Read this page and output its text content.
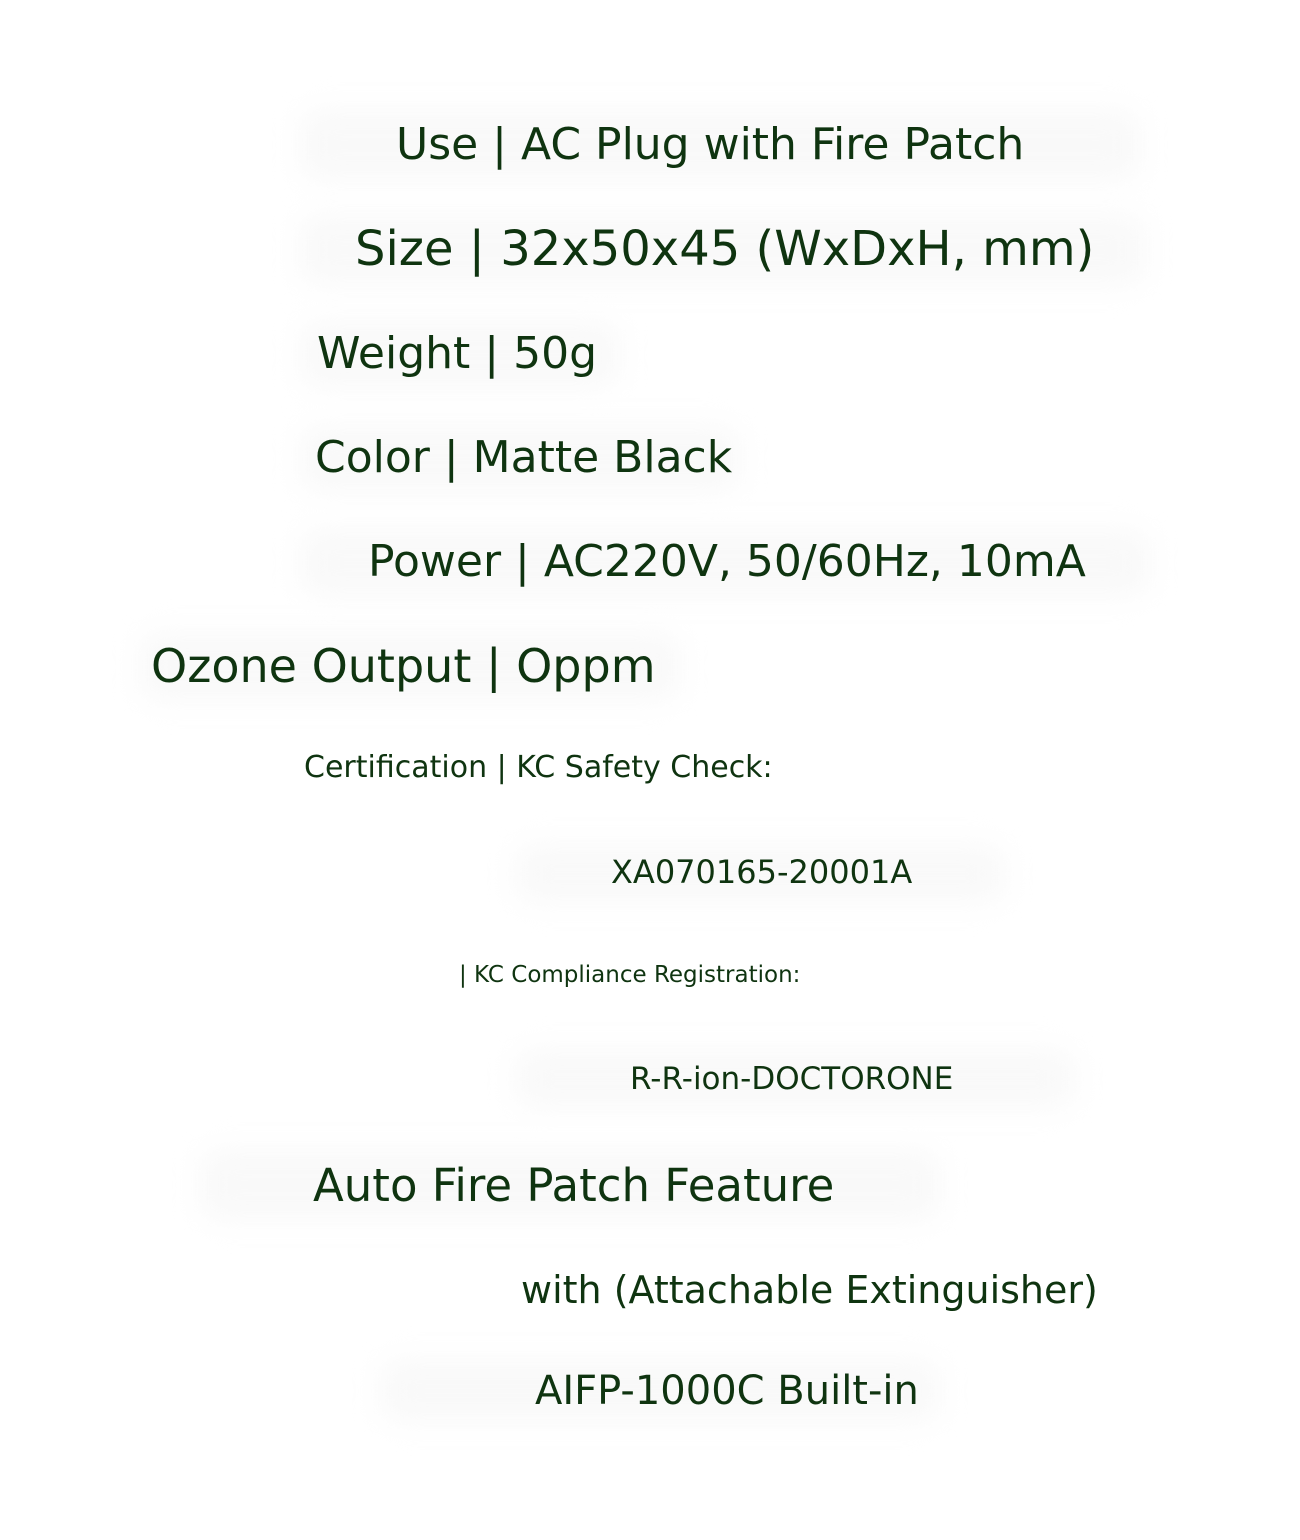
Use | AC Plug with Fire Patch

Size | 32x50x45 (WxDxH, mm)

Weight | 50g

Color | Matte Black

Power | AC220V, 50/60Hz, 10mA

Ozone Output | Oppm

Certification | KC Safety Check:

XA070165-20001A

| KC Compliance Registration:

R-R-ion-DOCTORONE

Auto Fire Patch Feature

with (Attachable Extinguisher)

AIFP-1000C Built-in
